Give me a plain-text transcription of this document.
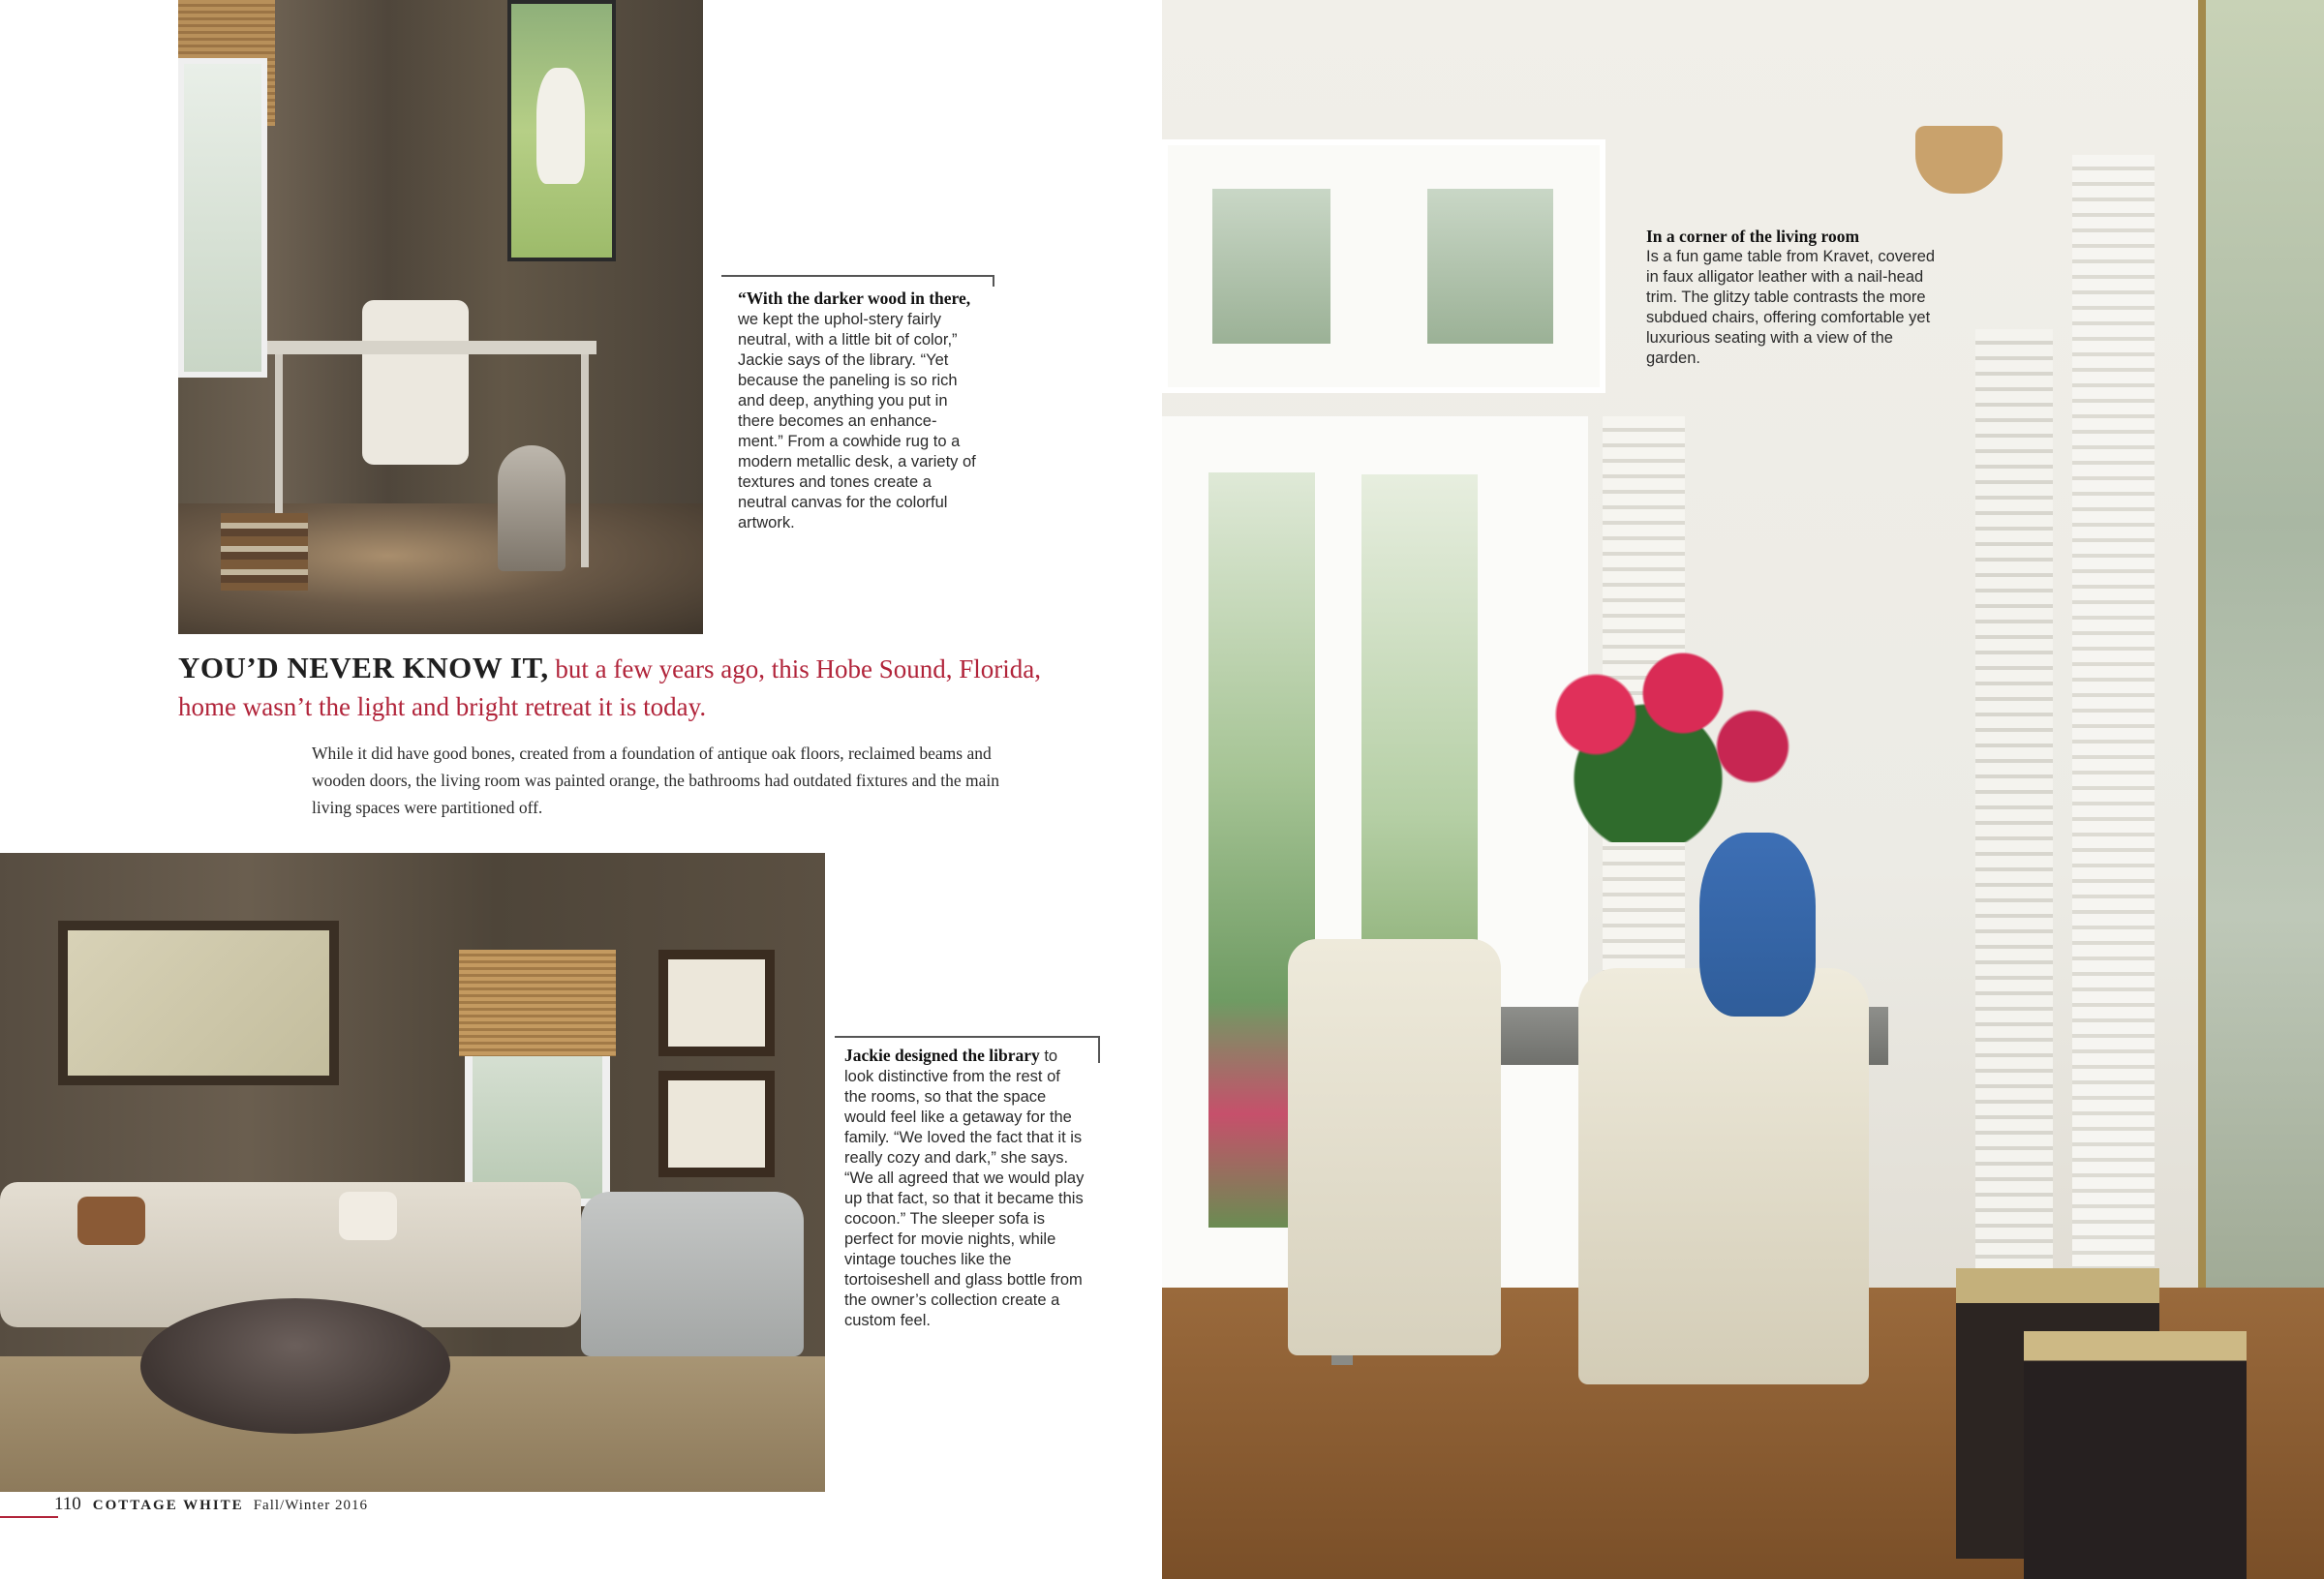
“With the darker wood in there, we kept the uphol-stery fairly neutral, with a little bit of color,” Jackie says of the library. “Yet because the paneling is so rich and deep, anything you put in there becomes an enhance-ment.” From a cowhide rug to a modern metallic desk, a variety of textures and tones create a neutral canvas for the colorful artwork.
YOU’D NEVER KNOW IT, but a few years ago, this Hobe Sound, Florida, home wasn’t the light and bright retreat it is today.
While it did have good bones, created from a foundation of antique oak floors, reclaimed beams and wooden doors, the living room was painted orange, the bathrooms had outdated fixtures and the main living spaces were partitioned off.
Jackie designed the library to look distinctive from the rest of the rooms, so that the space would feel like a getaway for the family. “We loved the fact that it is really cozy and dark,” she says. “We all agreed that we would play up that fact, so that it became this cocoon.” The sleeper sofa is perfect for movie nights, while vintage touches like the tortoiseshell and glass bottle from the owner’s collection create a custom feel.
110 COTTAGE WHITE Fall/Winter 2016
In a corner of the living room
Is a fun game table from Kravet, covered in faux alligator leather with a nail-head trim. The glitzy table contrasts the more subdued chairs, offering comfortable yet luxurious seating with a view of the garden.
